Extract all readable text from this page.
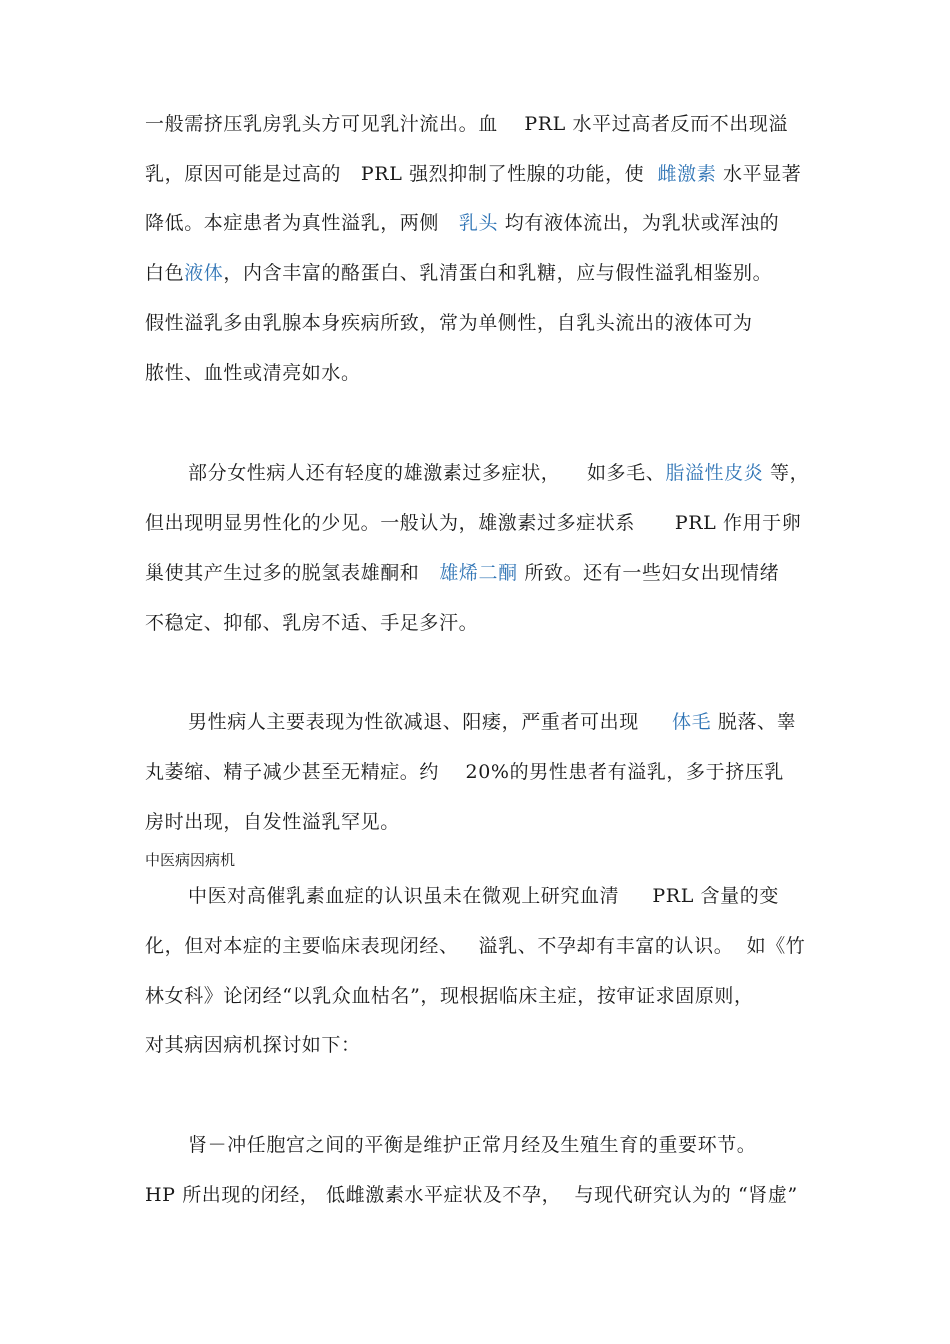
一般需挤压乳房乳头方可见乳汁流出。血    PRL 水平过高者反而不出现溢
乳，原因可能是过高的   PRL 强烈抑制了性腺的功能，使  雌激素 水平显著
降低。本症患者为真性溢乳，两侧   乳头 均有液体流出，为乳状或浑浊的
白色液体，内含丰富的酪蛋白、乳清蛋白和乳糖，应与假性溢乳相鉴别。
假性溢乳多由乳腺本身疾病所致，常为单侧性，自乳头流出的液体可为
脓性、血性或清亮如水。
部分女性病人还有轻度的雄激素过多症状，    如多毛、脂溢性皮炎 等，
但出现明显男性化的少见。一般认为，雄激素过多症状系      PRL 作用于卵
巢使其产生过多的脱氢表雄酮和   雄烯二酮 所致。还有一些妇女出现情绪
不稳定、抑郁、乳房不适、手足多汗。
男性病人主要表现为性欲减退、阳痿，严重者可出现     体毛 脱落、睾
丸萎缩、精子减少甚至无精症。约    20%的男性患者有溢乳，多于挤压乳
房时出现，自发性溢乳罕见。
中医病因病机
中医对高催乳素血症的认识虽未在微观上研究血清     PRL 含量的变
化，但对本症的主要临床表现闭经、   溢乳、不孕却有丰富的认识。  如《竹
林女科》论闭经“以乳众血枯名”，现根据临床主症，按审证求固原则，
对其病因病机探讨如下：
肾－冲任胞宫之间的平衡是维护正常月经及生殖生育的重要环节。
HP 所出现的闭经， 低雌激素水平症状及不孕，  与现代研究认为的 “肾虚”
